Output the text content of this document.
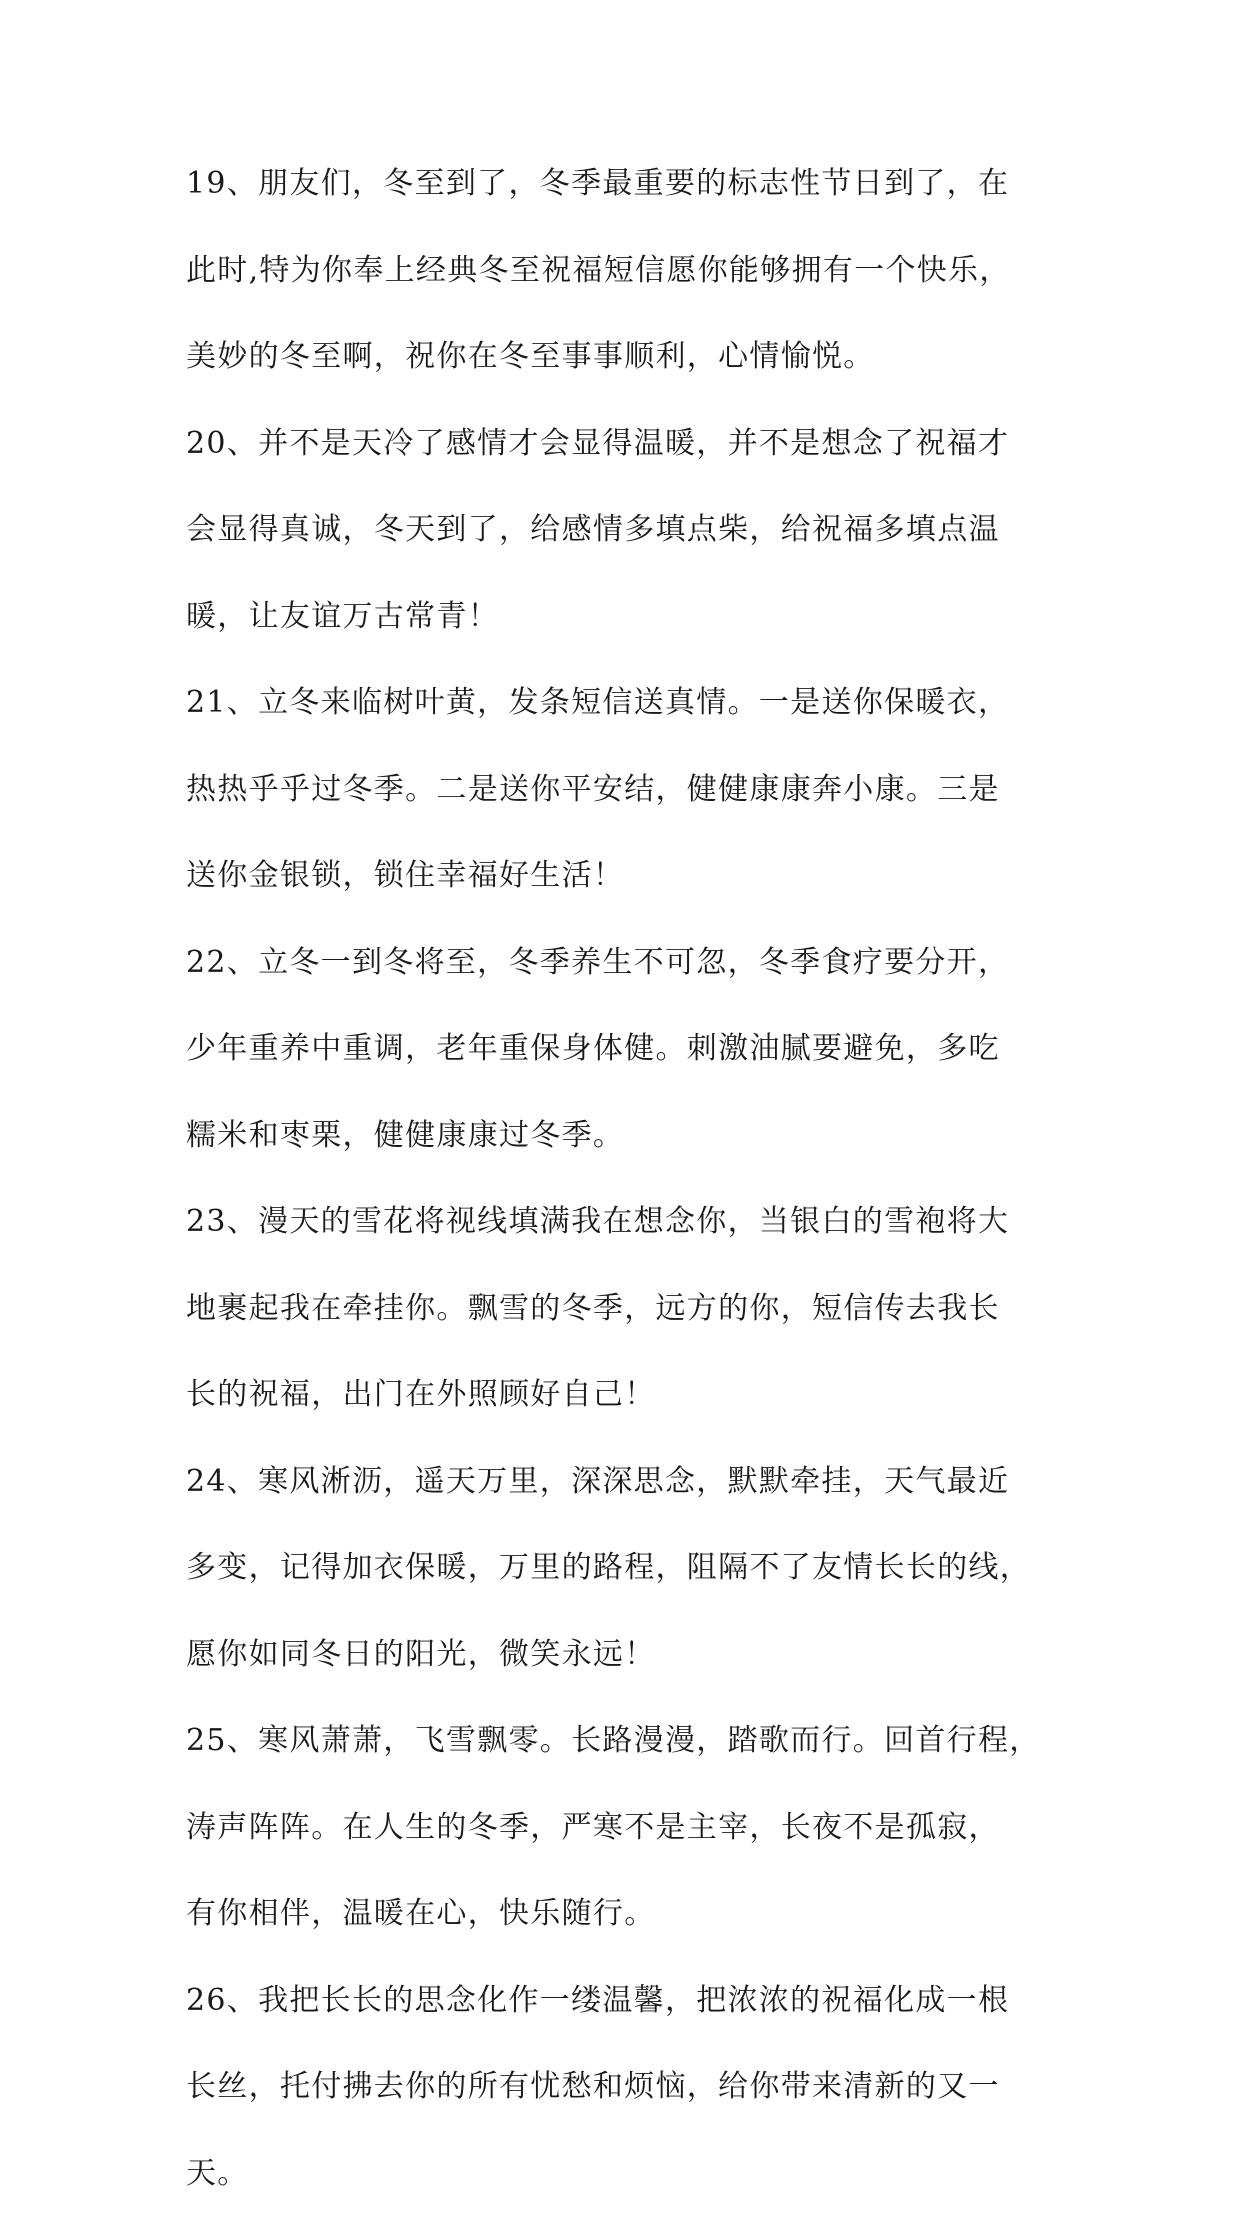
19、朋友们，冬至到了，冬季最重要的标志性节日到了，在
此时,特为你奉上经典冬至祝福短信愿你能够拥有一个快乐，
美妙的冬至啊，祝你在冬至事事顺利，心情愉悦。
20、并不是天冷了感情才会显得温暖，并不是想念了祝福才
会显得真诚，冬天到了，给感情多填点柴，给祝福多填点温
暖，让友谊万古常青！
21、立冬来临树叶黄，发条短信送真情。一是送你保暖衣，
热热乎乎过冬季。二是送你平安结，健健康康奔小康。三是
送你金银锁，锁住幸福好生活！
22、立冬一到冬将至，冬季养生不可忽，冬季食疗要分开，
少年重养中重调，老年重保身体健。刺激油腻要避免，多吃
糯米和枣栗，健健康康过冬季。
23、漫天的雪花将视线填满我在想念你，当银白的雪袍将大
地裹起我在牵挂你。飘雪的冬季，远方的你，短信传去我长
长的祝福，出门在外照顾好自己！
24、寒风淅沥，遥天万里，深深思念，默默牵挂，天气最近
多变，记得加衣保暖，万里的路程，阻隔不了友情长长的线，
愿你如同冬日的阳光，微笑永远！
25、寒风萧萧，飞雪飘零。长路漫漫，踏歌而行。回首行程，
涛声阵阵。在人生的冬季，严寒不是主宰，长夜不是孤寂，
有你相伴，温暖在心，快乐随行。
26、我把长长的思念化作一缕温馨，把浓浓的祝福化成一根
长丝，托付拂去你的所有忧愁和烦恼，给你带来清新的又一
天。
